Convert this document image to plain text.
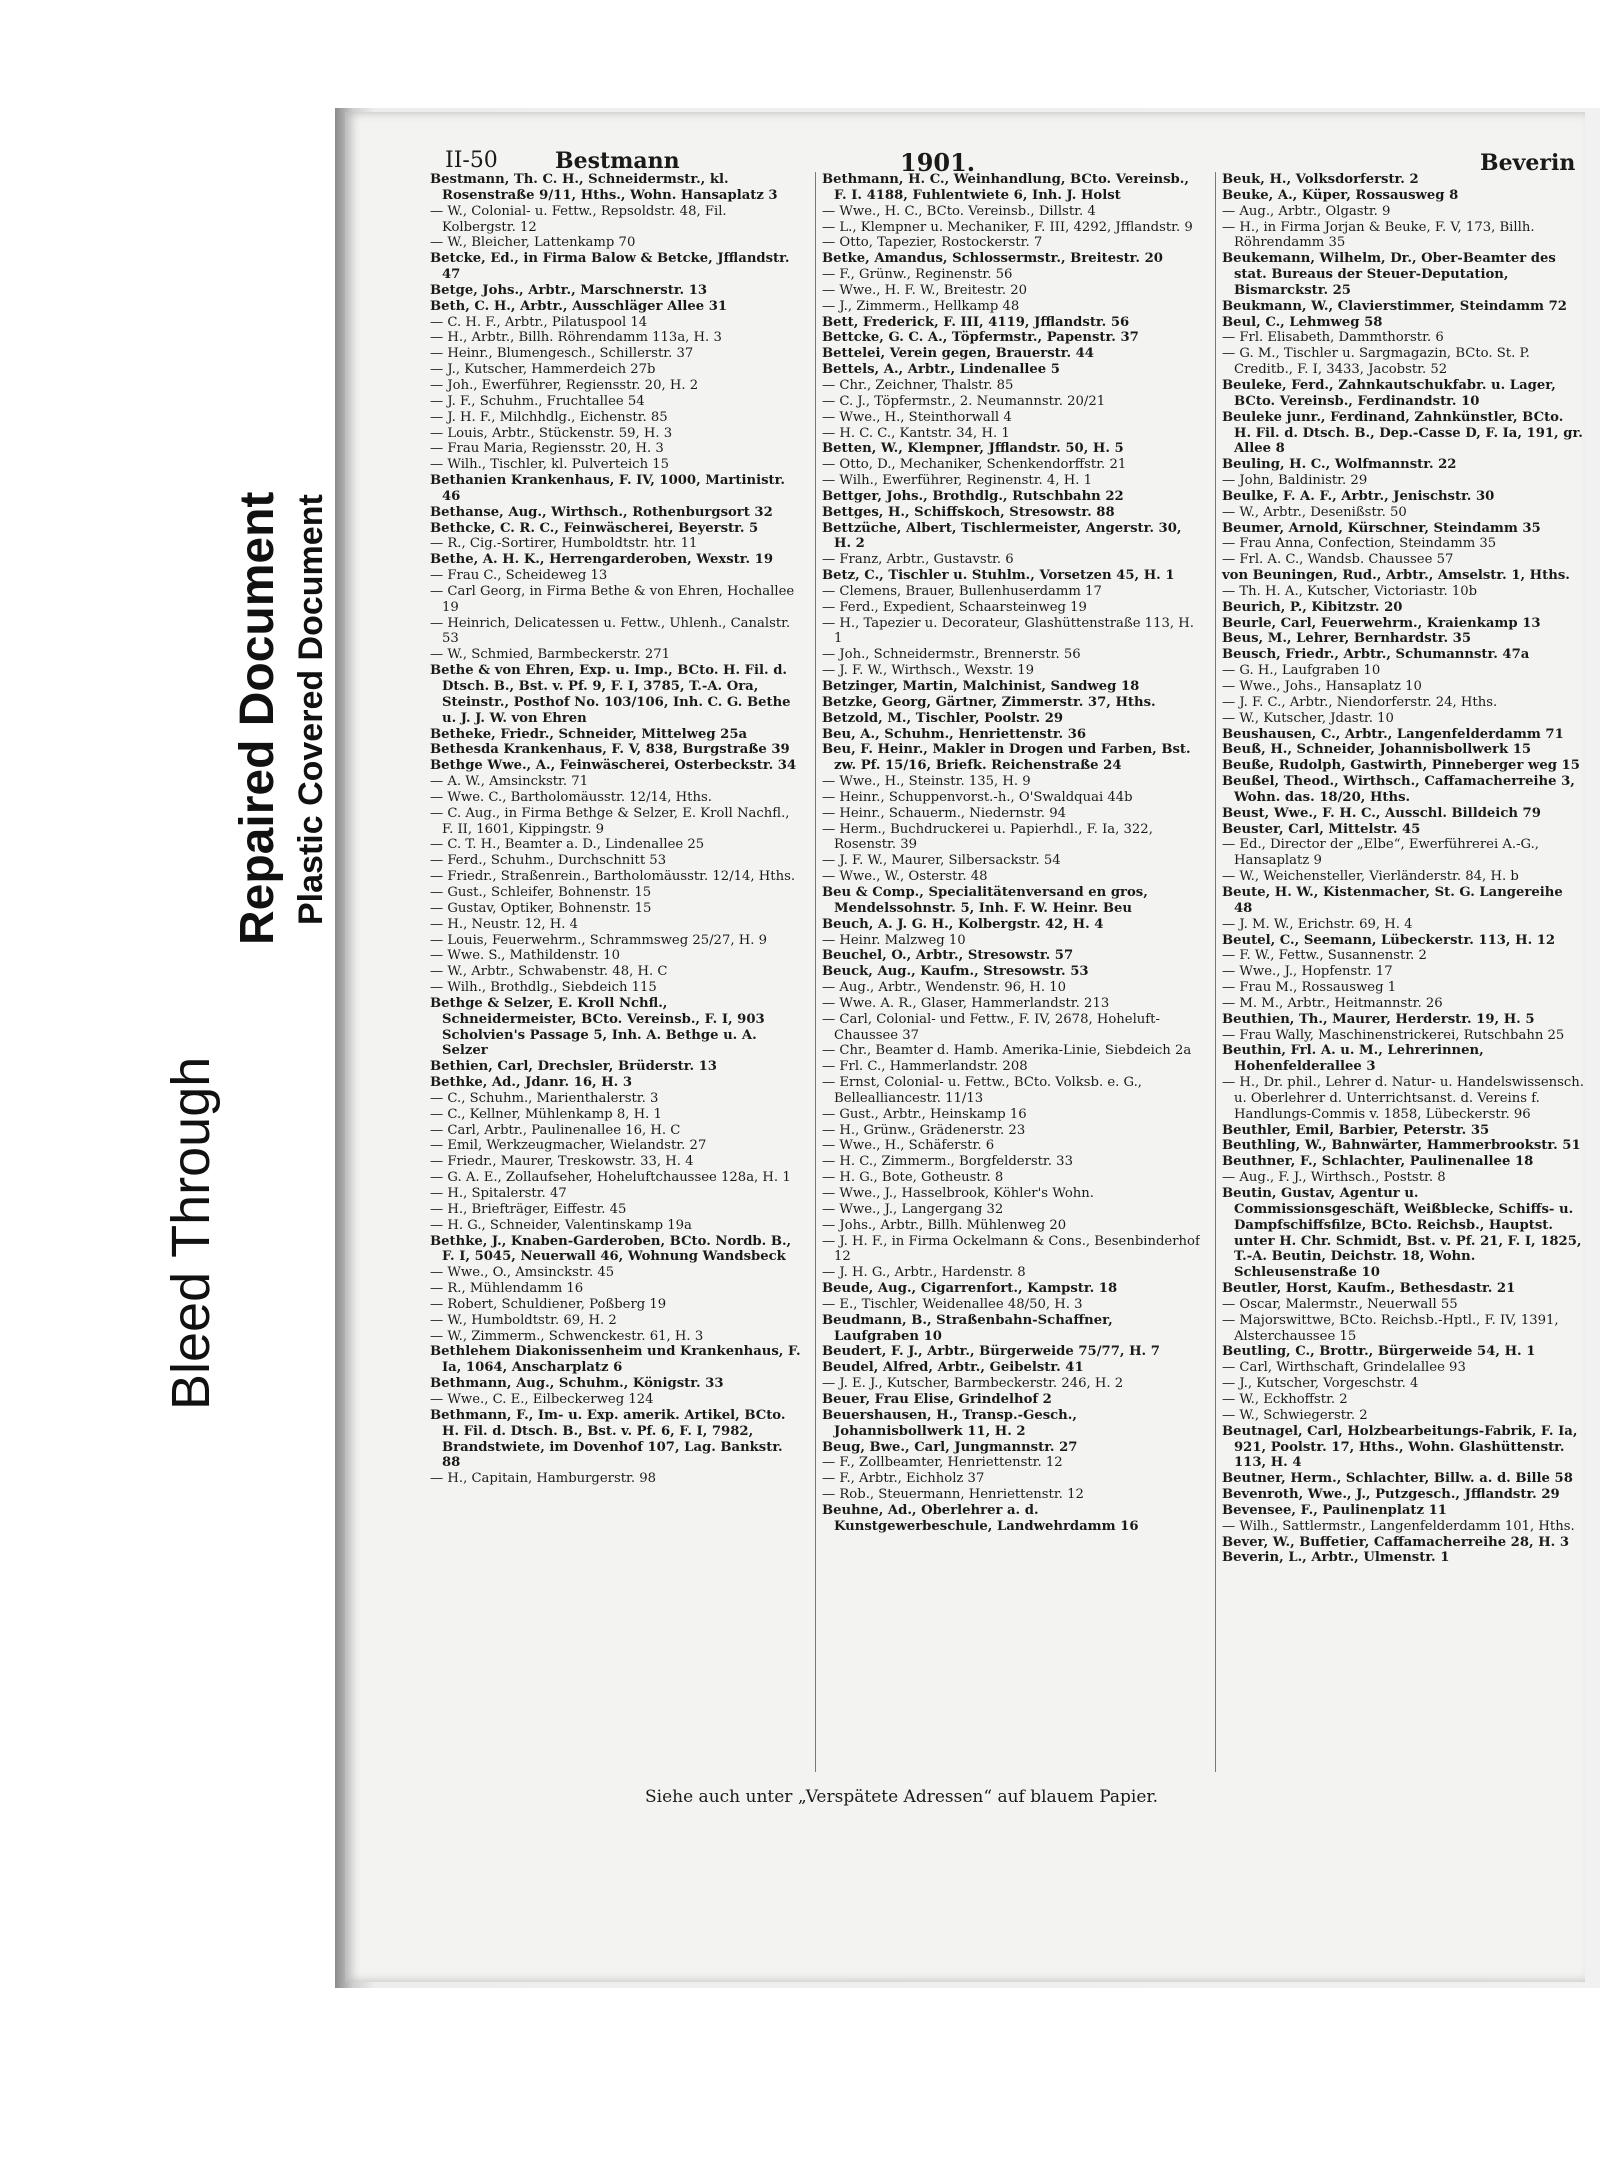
Bleed Through
Repaired Document Plastic Covered Document
II-50	Bestmann	1901.	Beverin

Bestmann, Th. C. H., Schneidermstr., kl. Rosenstraße 9/11, Hths., Wohn. Hansaplatz 3

— W., Colonial- u. Fettw., Repsoldstr. 48, Fil. Kolbergstr. 12

— W., Bleicher, Lattenkamp 70

Betcke, Ed., in Firma Balow & Betcke, Jfflandstr. 47

Betge, Johs., Arbtr., Marschnerstr. 13

Beth, C. H., Arbtr., Ausschläger Allee 31

— C. H. F., Arbtr., Pilatuspool 14

— H., Arbtr., Billh. Röhrendamm 113a, H. 3

— Heinr., Blumengesch., Schillerstr. 37

— J., Kutscher, Hammerdeich 27b

— Joh., Ewerführer, Regiensstr. 20, H. 2

— J. F., Schuhm., Fruchtallee 54

— J. H. F., Milchhdlg., Eichenstr. 85

— Louis, Arbtr., Stückenstr. 59, H. 3

— Frau Maria, Regiensstr. 20, H. 3

— Wilh., Tischler, kl. Pulverteich 15

Bethanien Krankenhaus, F. IV, 1000, Martinistr. 46

Bethanse, Aug., Wirthsch., Rothenburgsort 32

Bethcke, C. R. C., Feinwäscherei, Beyerstr. 5

— R., Cig.-Sortirer, Humboldtstr. htr. 11

Bethe, A. H. K., Herrengarderoben, Wexstr. 19

— Frau C., Scheideweg 13

— Carl Georg, in Firma Bethe & von Ehren, Hochallee 19

— Heinrich, Delicatessen u. Fettw., Uhlenh., Canalstr. 53

— W., Schmied, Barmbeckerstr. 271

Bethe & von Ehren, Exp. u. Imp., BCto. H. Fil. d. Dtsch. B., Bst. v. Pf. 9, F. I, 3785, T.-A. Ora, Steinstr., Posthof No. 103/106, Inh. C. G. Bethe u. J. J. W. von Ehren

Betheke, Friedr., Schneider, Mittelweg 25a

Bethesda Krankenhaus, F. V, 838, Burgstraße 39

Bethge Wwe., A., Feinwäscherei, Osterbeckstr. 34

— A. W., Amsinckstr. 71

— Wwe. C., Bartholomäusstr. 12/14, Hths.

— C. Aug., in Firma Bethge & Selzer, E. Kroll Nachfl., F. II, 1601, Kippingstr. 9

— C. T. H., Beamter a. D., Lindenallee 25

— Ferd., Schuhm., Durchschnitt 53

— Friedr., Straßenrein., Bartholomäusstr. 12/14, Hths.

— Gust., Schleifer, Bohnenstr. 15

— Gustav, Optiker, Bohnenstr. 15

— H., Neustr. 12, H. 4

— Louis, Feuerwehrm., Schrammsweg 25/27, H. 9

— Wwe. S., Mathildenstr. 10

— W., Arbtr., Schwabenstr. 48, H. C

— Wilh., Brothdlg., Siebdeich 115

Bethge & Selzer, E. Kroll Nchfl., Schneidermeister, BCto. Vereinsb., F. I, 903 Scholvien's Passage 5, Inh. A. Bethge u. A. Selzer

Bethien, Carl, Drechsler, Brüderstr. 13

Bethke, Ad., Jdanr. 16, H. 3

— C., Schuhm., Marienthalerstr. 3

— C., Kellner, Mühlenkamp 8, H. 1

— Carl, Arbtr., Paulinenallee 16, H. C

— Emil, Werkzeugmacher, Wielandstr. 27

— Friedr., Maurer, Treskowstr. 33, H. 4

— G. A. E., Zollaufseher, Hoheluftchaussee 128a, H. 1

— H., Spitalerstr. 47

— H., Briefträger, Eiffestr. 45

— H. G., Schneider, Valentinskamp 19a

Bethke, J., Knaben-Garderoben, BCto. Nordb. B., F. I, 5045, Neuerwall 46, Wohnung Wandsbeck

— Wwe., O., Amsinckstr. 45

— R., Mühlendamm 16

— Robert, Schuldiener, Poßberg 19

— W., Humboldtstr. 69, H. 2

— W., Zimmerm., Schwenckestr. 61, H. 3

Bethlehem Diakonissenheim und Krankenhaus, F. Ia, 1064, Anscharplatz 6

Bethmann, Aug., Schuhm., Königstr. 33

— Wwe., C. E., Eilbeckerweg 124

Bethmann, F., Im- u. Exp. amerik. Artikel, BCto. H. Fil. d. Dtsch. B., Bst. v. Pf. 6, F. I, 7982, Brandstwiete, im Dovenhof 107, Lag. Bankstr. 88

— H., Capitain, Hamburgerstr. 98

Bethmann, H. C., Weinhandlung, BCto. Vereinsb., F. I. 4188, Fuhlentwiete 6, Inh. J. Holst

— Wwe., H. C., BCto. Vereinsb., Dillstr. 4

— L., Klempner u. Mechaniker, F. III, 4292, Jfflandstr. 9

— Otto, Tapezier, Rostockerstr. 7

Betke, Amandus, Schlossermstr., Breitestr. 20

— F., Grünw., Reginenstr. 56

— Wwe., H. F. W., Breitestr. 20

— J., Zimmerm., Hellkamp 48

Bett, Frederick, F. III, 4119, Jfflandstr. 56

Bettcke, G. C. A., Töpfermstr., Papenstr. 37

Bettelei, Verein gegen, Brauerstr. 44

Bettels, A., Arbtr., Lindenallee 5

— Chr., Zeichner, Thalstr. 85

— C. J., Töpfermstr., 2. Neumannstr. 20/21

— Wwe., H., Steinthorwall 4

— H. C. C., Kantstr. 34, H. 1

Betten, W., Klempner, Jfflandstr. 50, H. 5

— Otto, D., Mechaniker, Schenkendorffstr. 21

— Wilh., Ewerführer, Reginenstr. 4, H. 1

Bettger, Johs., Brothdlg., Rutschbahn 22

Bettges, H., Schiffskoch, Stresowstr. 88

Bettzüche, Albert, Tischlermeister, Angerstr. 30, H. 2

— Franz, Arbtr., Gustavstr. 6

Betz, C., Tischler u. Stuhlm., Vorsetzen 45, H. 1

— Clemens, Brauer, Bullenhuserdamm 17

— Ferd., Expedient, Schaarsteinweg 19

— H., Tapezier u. Decorateur, Glashüttenstraße 113, H. 1

— Joh., Schneidermstr., Brennerstr. 56

— J. F. W., Wirthsch., Wexstr. 19

Betzinger, Martin, Malchinist, Sandweg 18

Betzke, Georg, Gärtner, Zimmerstr. 37, Hths.

Betzold, M., Tischler, Poolstr. 29

Beu, A., Schuhm., Henriettenstr. 36

Beu, F. Heinr., Makler in Drogen und Farben, Bst. zw. Pf. 15/16, Briefk. Reichenstraße 24

— Wwe., H., Steinstr. 135, H. 9

— Heinr., Schuppenvorst.-h., O'Swaldquai 44b

— Heinr., Schauerm., Niedernstr. 94

— Herm., Buchdruckerei u. Papierhdl., F. Ia, 322, Rosenstr. 39

— J. F. W., Maurer, Silbersackstr. 54

— Wwe., W., Osterstr. 48

Beu & Comp., Specialitätenversand en gros, Mendelssohnstr. 5, Inh. F. W. Heinr. Beu

Beuch, A. J. G. H., Kolbergstr. 42, H. 4

— Heinr. Malzweg 10

Beuchel, O., Arbtr., Stresowstr. 57

Beuck, Aug., Kaufm., Stresowstr. 53

— Aug., Arbtr., Wendenstr. 96, H. 10

— Wwe. A. R., Glaser, Hammerlandstr. 213

— Carl, Colonial- und Fettw., F. IV, 2678, Hoheluft-Chaussee 37

— Chr., Beamter d. Hamb. Amerika-Linie, Siebdeich 2a

— Frl. C., Hammerlandstr. 208

— Ernst, Colonial- u. Fettw., BCto. Volksb. e. G., Bellealliancestr. 11/13

— Gust., Arbtr., Heinskamp 16

— H., Grünw., Grädenerstr. 23

— Wwe., H., Schäferstr. 6

— H. C., Zimmerm., Borgfelderstr. 33

— H. G., Bote, Gotheustr. 8

— Wwe., J., Hasselbrook, Köhler's Wohn.

— Wwe., J., Langergang 32

— Johs., Arbtr., Billh. Mühlenweg 20

— J. H. F., in Firma Ockelmann & Cons., Besenbinderhof 12

— J. H. G., Arbtr., Hardenstr. 8

Beude, Aug., Cigarrenfort., Kampstr. 18

— E., Tischler, Weidenallee 48/50, H. 3

Beudmann, B., Straßenbahn-Schaffner, Laufgraben 10

Beudert, F. J., Arbtr., Bürgerweide 75/77, H. 7

Beudel, Alfred, Arbtr., Geibelstr. 41

— J. E. J., Kutscher, Barmbeckerstr. 246, H. 2

Beuer, Frau Elise, Grindelhof 2

Beuershausen, H., Transp.-Gesch., Johannisbollwerk 11, H. 2

Beug, Bwe., Carl, Jungmannstr. 27

— F., Zollbeamter, Henriettenstr. 12

— F., Arbtr., Eichholz 37

— Rob., Steuermann, Henriettenstr. 12

Beuhne, Ad., Oberlehrer a. d. Kunstgewerbeschule, Landwehrdamm 16

Beuk, H., Volksdorferstr. 2

Beuke, A., Küper, Rossausweg 8

— Aug., Arbtr., Olgastr. 9

— H., in Firma Jorjan & Beuke, F. V, 173, Billh. Röhrendamm 35

Beukemann, Wilhelm, Dr., Ober-Beamter des stat. Bureaus der Steuer-Deputation, Bismarckstr. 25

Beukmann, W., Clavierstimmer, Steindamm 72

Beul, C., Lehmweg 58

— Frl. Elisabeth, Dammthorstr. 6

— G. M., Tischler u. Sargmagazin, BCto. St. P. Creditb., F. I, 3433, Jacobstr. 52

Beuleke, Ferd., Zahnkautschukfabr. u. Lager, BCto. Vereinsb., Ferdinandstr. 10

Beuleke junr., Ferdinand, Zahnkünstler, BCto. H. Fil. d. Dtsch. B., Dep.-Casse D, F. Ia, 191, gr. Allee 8

Beuling, H. C., Wolfmannstr. 22

— John, Baldinistr. 29

Beulke, F. A. F., Arbtr., Jenischstr. 30

— W., Arbtr., Desenißstr. 50

Beumer, Arnold, Kürschner, Steindamm 35

— Frau Anna, Confection, Steindamm 35

— Frl. A. C., Wandsb. Chaussee 57

von Beuningen, Rud., Arbtr., Amselstr. 1, Hths.

— Th. H. A., Kutscher, Victoriastr. 10b

Beurich, P., Kibitzstr. 20

Beurle, Carl, Feuerwehrm., Kraienkamp 13

Beus, M., Lehrer, Bernhardstr. 35

Beusch, Friedr., Arbtr., Schumannstr. 47a

— G. H., Laufgraben 10

— Wwe., Johs., Hansaplatz 10

— J. F. C., Arbtr., Niendorferstr. 24, Hths.

— W., Kutscher, Jdastr. 10

Beushausen, C., Arbtr., Langenfelderdamm 71

Beuß, H., Schneider, Johannisbollwerk 15

Beuße, Rudolph, Gastwirth, Pinneberger weg 15

Beußel, Theod., Wirthsch., Caffamacherreihe 3, Wohn. das. 18/20, Hths.

Beust, Wwe., F. H. C., Ausschl. Billdeich 79

Beuster, Carl, Mittelstr. 45

— Ed., Director der „Elbe“, Ewerführerei A.-G., Hansaplatz 9

— W., Weichensteller, Vierländerstr. 84, H. b

Beute, H. W., Kistenmacher, St. G. Langereihe 48

— J. M. W., Erichstr. 69, H. 4

Beutel, C., Seemann, Lübeckerstr. 113, H. 12

— F. W., Fettw., Susannenstr. 2

— Wwe., J., Hopfenstr. 17

— Frau M., Rossausweg 1

— M. M., Arbtr., Heitmannstr. 26

Beuthien, Th., Maurer, Herderstr. 19, H. 5

— Frau Wally, Maschinenstrickerei, Rutschbahn 25

Beuthin, Frl. A. u. M., Lehrerinnen, Hohenfelderallee 3

— H., Dr. phil., Lehrer d. Natur- u. Handelswissensch. u. Oberlehrer d. Unterrichtsanst. d. Vereins f. Handlungs-Commis v. 1858, Lübeckerstr. 96

Beuthler, Emil, Barbier, Peterstr. 35

Beuthling, W., Bahnwärter, Hammerbrookstr. 51

Beuthner, F., Schlachter, Paulinenallee 18

— Aug., F. J., Wirthsch., Poststr. 8

Beutin, Gustav, Agentur u. Commissionsgeschäft, Weißblecke, Schiffs- u. Dampfschiffsfilze, BCto. Reichsb., Hauptst. unter H. Chr. Schmidt, Bst. v. Pf. 21, F. I, 1825, T.-A. Beutin, Deichstr. 18, Wohn. Schleusenstraße 10

Beutler, Horst, Kaufm., Bethesdastr. 21

— Oscar, Malermstr., Neuerwall 55

— Majorswittwe, BCto. Reichsb.-Hptl., F. IV, 1391, Alsterchaussee 15

Beutling, C., Brottr., Bürgerweide 54, H. 1

— Carl, Wirthschaft, Grindelallee 93

— J., Kutscher, Vorgeschstr. 4

— W., Eckhoffstr. 2

— W., Schwiegerstr. 2

Beutnagel, Carl, Holzbearbeitungs-Fabrik, F. Ia, 921, Poolstr. 17, Hths., Wohn. Glashüttenstr. 113, H. 4

Beutner, Herm., Schlachter, Billw. a. d. Bille 58

Bevenroth, Wwe., J., Putzgesch., Jfflandstr. 29

Bevensee, F., Paulinenplatz 11

— Wilh., Sattlermstr., Langenfelderdamm 101, Hths.

Bever, W., Buffetier, Caffamacherreihe 28, H. 3

Beverin, L., Arbtr., Ulmenstr. 1

Siehe auch unter „Verspätete Adressen“ auf blauem Papier.
